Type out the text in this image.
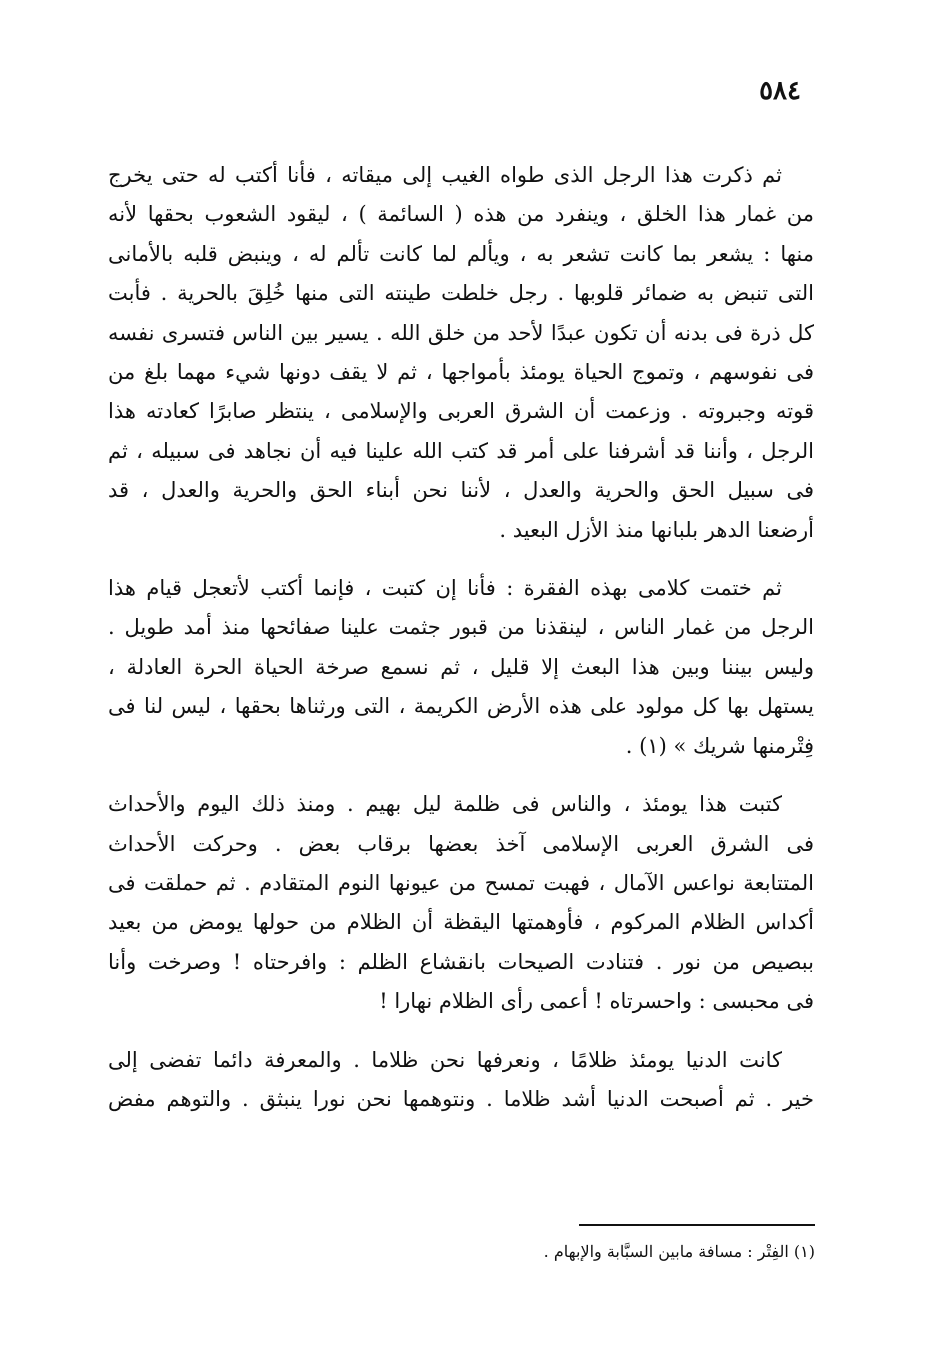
٥٨٤
ثم ذكرت هذا الرجل الذى طواه الغيب إلى ميقاته ، فأنا أكتب له حتى يخرج
من غمار هذا الخلق ، وينفرد من هذه ( السائمة ) ، ليقود الشعوب بحقها لأنه
منها : يشعر بما كانت تشعر به ، ويألم لما كانت تألم له ، وينبض قلبه بالأمانى
التى تنبض به ضمائر قلوبها . رجل خلطت طينته التى منها خُلِقَ بالحرية . فأبت
كل ذرة فى بدنه أن تكون عبدًا لأحد من خلق الله . يسير بين الناس فتسرى نفسه
فى نفوسهم ، وتموج الحياة يومئذ بأمواجها ، ثم لا يقف دونها شيء مهما بلغ من
قوته وجبروته . وزعمت أن الشرق العربى والإسلامى ، ينتظر صابرًا كعادته هذا
الرجل ، وأننا قد أشرفنا على أمر قد كتب الله علينا فيه أن نجاهد فى سبيله ، ثم
فى سبيل الحق والحرية والعدل ، لأننا نحن أبناء الحق والحرية والعدل ، قد
أرضعنا الدهر بلبانها منذ الأزل البعيد .
ثم ختمت كلامى بهذه الفقرة : فأنا إن كتبت ، فإنما أكتب لأتعجل قيام هذا
الرجل من غمار الناس ، لينقذنا من قبور جثمت علينا صفائحها منذ أمد طويل .
وليس بيننا وبين هذا البعث إلا قليل ، ثم نسمع صرخة الحياة الحرة العادلة ،
يستهل بها كل مولود على هذه الأرض الكريمة ، التى ورثناها بحقها ، ليس لنا فى
فِتْرمنها شريك » (١) .
كتبت هذا يومئذ ، والناس فى ظلمة ليل بهيم . ومنذ ذلك اليوم والأحداث
فى الشرق العربى الإسلامى آخذ بعضها برقاب بعض . وحركت الأحداث
المتتابعة نواعس الآمال ، فهبت تمسح من عيونها النوم المتقادم . ثم حملقت فى
أكداس الظلام المركوم ، فأوهمتها اليقظة أن الظلام من حولها يومض من بعيد
ببصيص من نور . فتنادت الصيحات بانقشاع الظلم : وافرحتاه ! وصرخت وأنا
فى محبسى : واحسرتاه ! أعمى رأى الظلام نهارا !
كانت الدنيا يومئذ ظلامًا ، ونعرفها نحن ظلاما . والمعرفة دائما تفضى إلى
خير . ثم أصبحت الدنيا أشد ظلاما . ونتوهمها نحن نورا ينبثق . والتوهم مفض
(١) الفِتْر : مسافة مابين السبَّابة والإبهام .
